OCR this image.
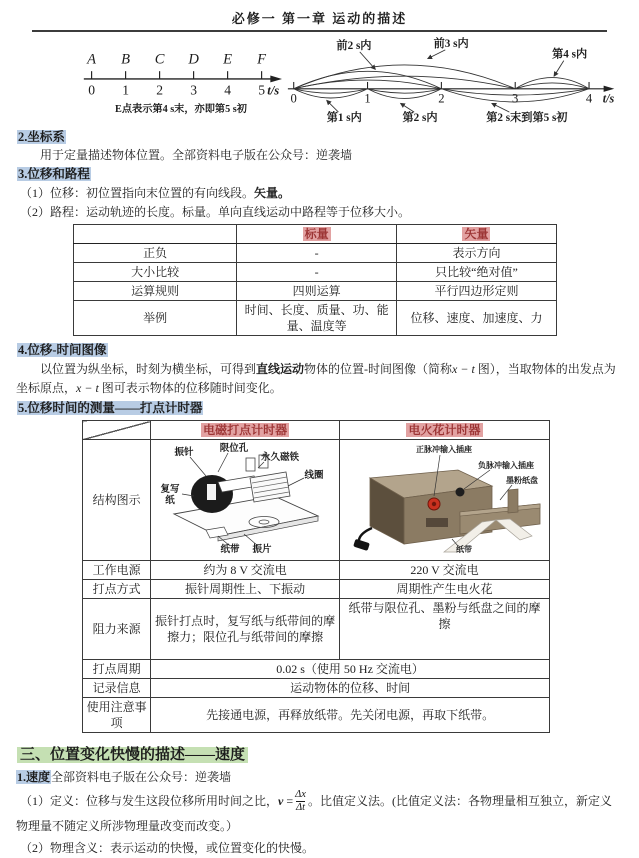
必修一 第一章 运动的描述
A B C D E F
0 1 2 3 4 5 t/s
E点表示第4 s末，亦即第5 s初
0	1	2	3	4 t/s
前2 s内	前3 s内
第4 s内
第1 s内	第2 s内	第2 s末到第5 s初
2.坐标系
用于定量描述物体位置。全部资料电子版在公众号：逆袭墙
3.位移和路程
（1）位移：初位置指向末位置的有向线段。矢量。
（2）路程：运动轨迹的长度。标量。单向直线运动中路程等于位移大小。
	标量	矢量
正负	-	表示方向
大小比较	-	只比较“绝对值”
运算规则	四则运算	平行四边形定则
举例	时间、长度、质量、功、能量、温度等	位移、速度、加速度、力
4.位移-时间图像
以位置为纵坐标，时刻为横坐标，可得到直线运动物体的位置-时间图像（简称x − t 图），当取物体的出发点为坐标原点，x − t 图可表示物体的位移随时间变化。
5.位移时间的测量——打点计时器
	电磁打点计时器	电火花计时器
结构图示	
振针	限位孔
永久磁铁
线圈
复写
纸
纸带 振片

正脉冲输入插座
负脉冲输入插座
墨粉纸盘
纸带

工作电源	约为 8 V 交流电	220 V 交流电
打点方式	振针周期性上、下振动	周期性产生电火花
阻力来源	振针打点时，复写纸与纸带间的摩擦力；限位孔与纸带间的摩擦	纸带与限位孔、墨粉与纸盘之间的摩擦
打点周期	0.02 s（使用 50 Hz 交流电）	
记录信息	运动物体的位移、时间	
使用注意事项	先接通电源，再释放纸带。先关闭电源，再取下纸带。	
三、位置变化快慢的描述——速度
1.速度全部资料电子版在公众号：逆袭墙
（1）定义：位移与发生这段位移所用时间之比，$v = \frac{\Delta x}{\Delta t}$ 。比值定义法。(比值定义法：各物理量相互独立，新定义
物理量不随定义所涉物理量改变而改变。）
（2）物理含义：表示运动的快慢，或位置变化的快慢。
